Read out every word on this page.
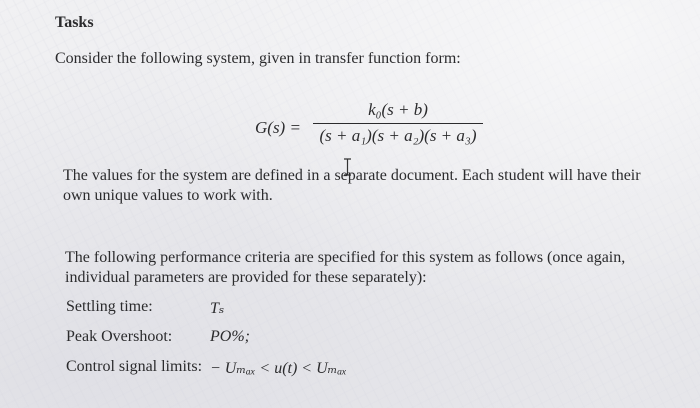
Tasks
Consider the following system, given in transfer function form:
G(s) =
k₀(s + b)
(s + a₁)(s + a₂)(s + a₃)
The values for the system are defined in a separate document. Each student will have their own unique values to work with.
The following performance criteria are specified for this system as follows (once again, individual parameters are provided for these separately):
Settling time:	Tₛ
Peak Overshoot: PO%;
Control signal limits: − Uₘₐₓ < u(t) < Uₘₐₓ
